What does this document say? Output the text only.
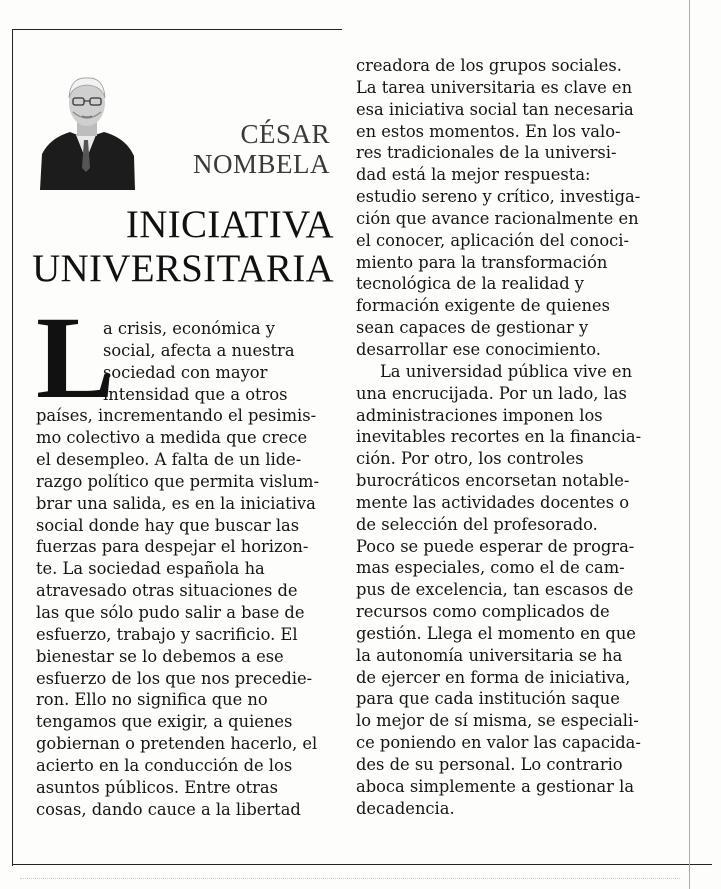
CÉSAR
NOMBELA
INICIATIVA
UNIVERSITARIA
L
a crisis, económica y
social, afecta a nuestra
sociedad con mayor
intensidad que a otros
países, incrementando el pesimis-
mo colectivo a medida que crece
el desempleo. A falta de un lide-
razgo político que permita vislum-
brar una salida, es en la iniciativa
social donde hay que buscar las
fuerzas para despejar el horizon-
te. La sociedad española ha
atravesado otras situaciones de
las que sólo pudo salir a base de
esfuerzo, trabajo y sacrificio. El
bienestar se lo debemos a ese
esfuerzo de los que nos precedie-
ron. Ello no significa que no
tengamos que exigir, a quienes
gobiernan o pretenden hacerlo, el
acierto en la conducción de los
asuntos públicos. Entre otras
cosas, dando cauce a la libertad
creadora de los grupos sociales.
La tarea universitaria es clave en
esa iniciativa social tan necesaria
en estos momentos. En los valo-
res tradicionales de la universi-
dad está la mejor respuesta:
estudio sereno y crítico, investiga-
ción que avance racionalmente en
el conocer, aplicación del conoci-
miento para la transformación
tecnológica de la realidad y
formación exigente de quienes
sean capaces de gestionar y
desarrollar ese conocimiento.
La universidad pública vive en
una encrucijada. Por un lado, las
administraciones imponen los
inevitables recortes en la financia-
ción. Por otro, los controles
burocráticos encorsetan notable-
mente las actividades docentes o
de selección del profesorado.
Poco se puede esperar de progra-
mas especiales, como el de cam-
pus de excelencia, tan escasos de
recursos como complicados de
gestión. Llega el momento en que
la autonomía universitaria se ha
de ejercer en forma de iniciativa,
para que cada institución saque
lo mejor de sí misma, se especiali-
ce poniendo en valor las capacida-
des de su personal. Lo contrario
aboca simplemente a gestionar la
decadencia.
